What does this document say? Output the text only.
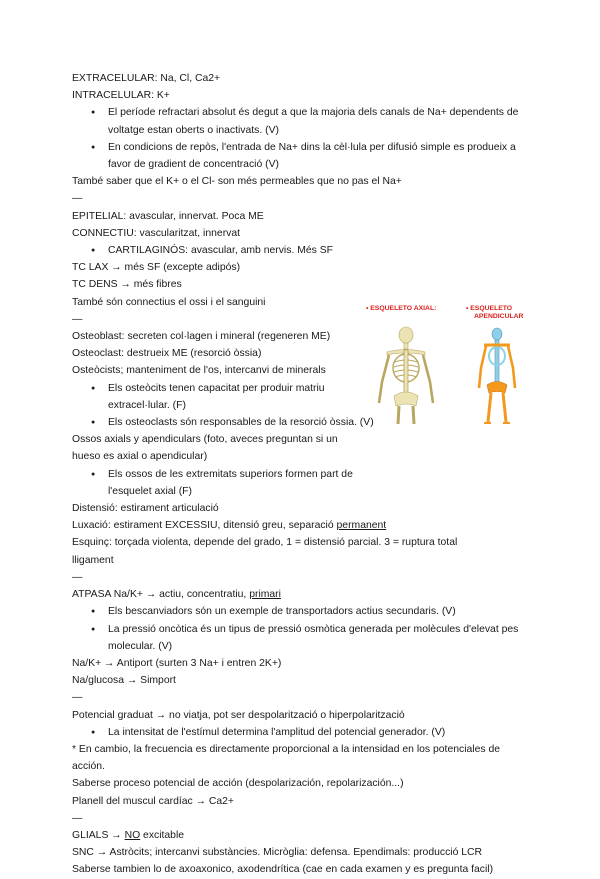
EXTRACELULAR: Na, Cl, Ca2+
INTRACELULAR: K+
● El període refractari absolut és degut a que la majoria dels canals de Na+ dependents de voltatge estan oberts o inactivats. (V)
● En condicions de repòs, l'entrada de Na+ dins la cèl·lula per difusió simple es produeix a favor de gradient de concentració (V)
També saber que el K+ o el Cl- son més permeables que no pas el Na+
—
EPITELIAL: avascular, innervat. Poca ME
CONNECTIU: vascularitzat, innervat
● CARTILAGINÓS: avascular, amb nervis. Més SF
TC LAX → més SF (excepte adipós)
TC DENS → més fibres
També són connectius el ossi i el sanguini
—
Osteoblast: secreten col·lagen i mineral (regeneren ME)
Osteoclast: destrueix ME (resorció òssia)
Osteòcists; manteniment de l'os, intercanvi de minerals
● Els osteòcits tenen capacitat per produir matriu extracel·lular. (F)
● Els osteoclasts són responsables de la resorció òssia. (V)
Ossos axials y apendiculars (foto, aveces preguntan si un hueso es axial o apendicular)
● Els ossos de les extremitats superiors formen part de l'esquelet axial (F)
Distensió: estirament articulació
Luxació: estirament EXCESSIU, ditensió greu, separació permanent
Esquinç: torçada violenta, depende del grado, 1 = distensió parcial. 3 = ruptura total lligament
—
ATPASA Na/K+ → actiu, concentratiu, primari
● Els bescanviadors són un exemple de transportadors actius secundaris. (V)
● La pressió oncòtica és un tipus de pressió osmòtica generada per molècules d'elevat pes molecular. (V)
Na/K+ → Antiport (surten 3 Na+ i entren 2K+)
Na/glucosa → Simport
—
Potencial graduat → no viatja, pot ser despolarització o hiperpolarització
● La intensitat de l'estímul determina l'amplitud del potencial generador. (V)
* En cambio, la frecuencia es directamente proporcional a la intensidad en los potenciales de acción.
Saberse proceso potencial de acción (despolarización, repolarización...)
Planell del muscul cardíac → Ca2+
—
GLIALS → NO excitable
SNC → Astròcits; intercanvi substàncies. Micròglia: defensa. Ependimals: producció LCR
Saberse tambien lo de axoaxonico, axodendrítica (cae en cada examen y es pregunta facil)
• ESQUELETO AXIAL:	• ESQUELETO
APENDICULAR
